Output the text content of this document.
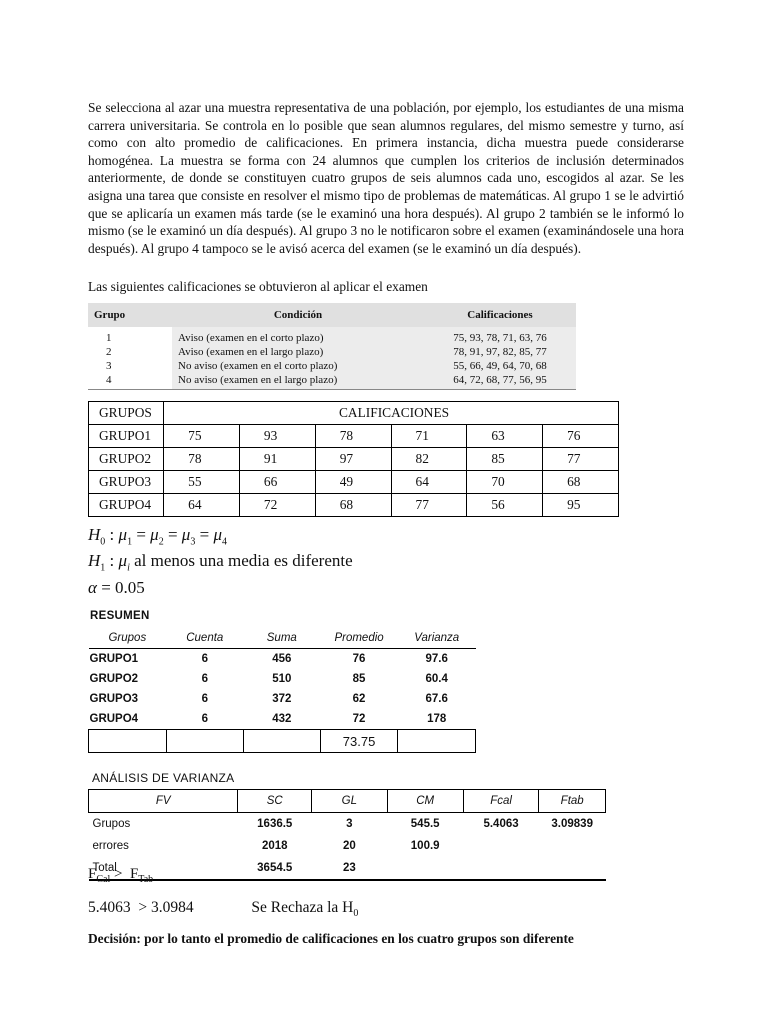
Se selecciona al azar una muestra representativa de una población, por ejemplo, los estudiantes de una misma carrera universitaria. Se controla en lo posible que sean alumnos regulares, del mismo semestre y turno, así como con alto promedio de calificaciones. En primera instancia, dicha muestra puede considerarse homogénea. La muestra se forma con 24 alumnos que cumplen los criterios de inclusión determinados anteriormente, de donde se constituyen cuatro grupos de seis alumnos cada uno, escogidos al azar. Se les asigna una tarea que consiste en resolver el mismo tipo de problemas de matemáticas. Al grupo 1 se le advirtió que se aplicaría un examen más tarde (se le examinó una hora después). Al grupo 2 también se le informó lo mismo (se le examinó un día después). Al grupo 3 no le notificaron sobre el examen (examinándosele una hora después). Al grupo 4 tampoco se le avisó acerca del examen (se le examinó un día después).

Las siguientes calificaciones se obtuvieron al aplicar el examen

Grupo	Condición	Calificaciones
1	Aviso (examen en el corto plazo)	75, 93, 78, 71, 63, 76
2	Aviso (examen en el largo plazo)	78, 91, 97, 82, 85, 77
3	No aviso (examen en el corto plazo)	55, 66, 49, 64, 70, 68
4	No aviso (examen en el largo plazo)	64, 72, 68, 77, 56, 95
GRUPOS	CALIFICACIONES					
GRUPO1	75	93	78	71	63	76
GRUPO2	78	91	97	82	85	77
GRUPO3	55	66	49	64	70	68
GRUPO4	64	72	68	77	56	95
$H_0$ : $\mu_1 = \mu_2 = \mu_3 = \mu_4$
$H_1$ : $\mu_i$ al menos una media es diferente
α = 0.05
RESUMEN
Grupos	Cuenta	Suma	Promedio	Varianza
GRUPO1	6	456	76	97.6
GRUPO2	6	510	85	60.4
GRUPO3	6	372	62	67.6
GRUPO4	6	432	72	178
			73.75	
ANÁLISIS DE VARIANZA
FV	SC	GL	CM	Fcal	Ftab
Grupos	1636.5	3	545.5	5.4063	3.09839
errores	2018	20	100.9		
Total	3654.5	23			
$F_{Cal} > F_{Tab}$
5.4063  > 3.0984	Se Rechaza la $H_0$
Decisión: por lo tanto el promedio de calificaciones en los cuatro grupos son diferente
